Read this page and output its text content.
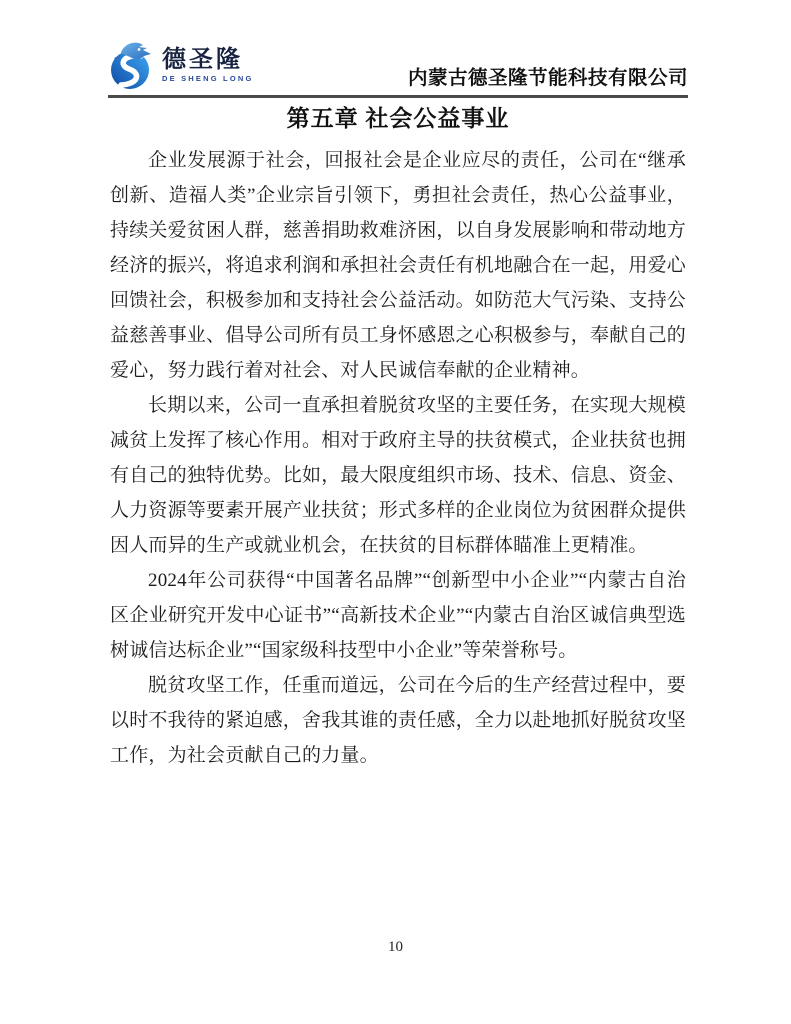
德圣隆
DE SHENG LONG	内蒙古德圣隆节能科技有限公司
第五章 社会公益事业

企业发展源于社会，回报社会是企业应尽的责任，公司在“继承创新、造福人类”企业宗旨引领下，勇担社会责任，热心公益事业，持续关爱贫困人群，慈善捐助救难济困，以自身发展影响和带动地方经济的振兴，将追求利润和承担社会责任有机地融合在一起，用爱心回馈社会，积极参加和支持社会公益活动。如防范大气污染、支持公益慈善事业、倡导公司所有员工身怀感恩之心积极参与，奉献自己的爱心，努力践行着对社会、对人民诚信奉献的企业精神。

长期以来，公司一直承担着脱贫攻坚的主要任务，在实现大规模减贫上发挥了核心作用。相对于政府主导的扶贫模式，企业扶贫也拥有自己的独特优势。比如，最大限度组织市场、技术、信息、资金、人力资源等要素开展产业扶贫；形式多样的企业岗位为贫困群众提供因人而异的生产或就业机会，在扶贫的目标群体瞄准上更精准。

2024年公司获得“中国著名品牌”“创新型中小企业”“内蒙古自治区企业研究开发中心证书”“高新技术企业”“内蒙古自治区诚信典型选树诚信达标企业”“国家级科技型中小企业”等荣誉称号。

脱贫攻坚工作，任重而道远，公司在今后的生产经营过程中，要以时不我待的紧迫感，舍我其谁的责任感，全力以赴地抓好脱贫攻坚工作，为社会贡献自己的力量。

10
